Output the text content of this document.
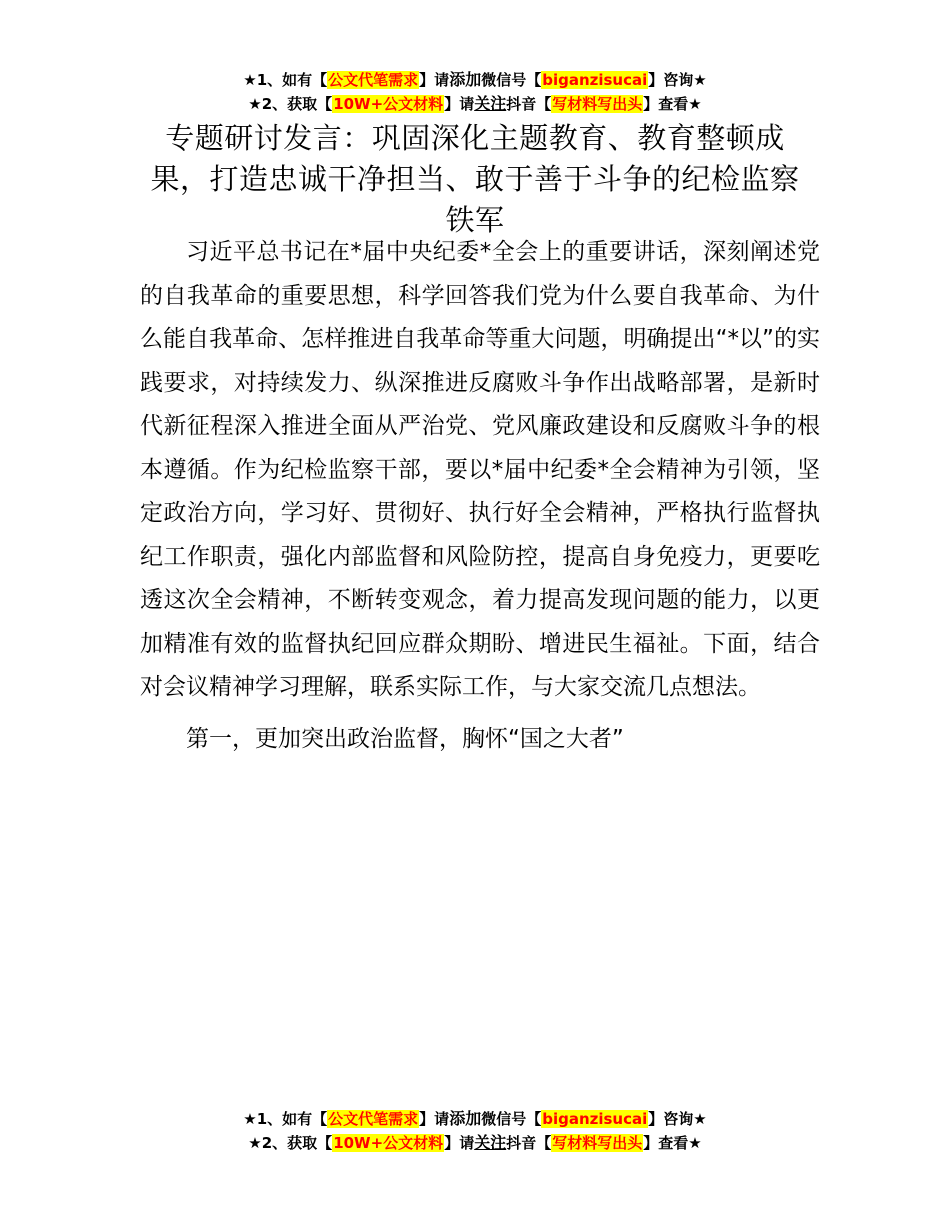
★1、如有【公文代笔需求】请添加微信号【biganzisucai】咨询★
★2、获取【10W+公文材料】请关注抖音【写材料写出头】查看★
专题研讨发言：巩固深化主题教育、教育整顿成果，打造忠诚干净担当、敢于善于斗争的纪检监察铁军

习近平总书记在*届中央纪委*全会上的重要讲话，深刻阐述党的自我革命的重要思想，科学回答我们党为什么要自我革命、为什么能自我革命、怎样推进自我革命等重大问题，明确提出“*以”的实践要求，对持续发力、纵深推进反腐败斗争作出战略部署，是新时代新征程深入推进全面从严治党、党风廉政建设和反腐败斗争的根本遵循。作为纪检监察干部，要以*届中纪委*全会精神为引领，坚定政治方向，学习好、贯彻好、执行好全会精神，严格执行监督执纪工作职责，强化内部监督和风险防控，提高自身免疫力，更要吃透这次全会精神，不断转变观念，着力提高发现问题的能力，以更加精准有效的监督执纪回应群众期盼、增进民生福祉。下面，结合对会议精神学习理解，联系实际工作，与大家交流几点想法。

第一，更加突出政治监督，胸怀“国之大者”

★1、如有【公文代笔需求】请添加微信号【biganzisucai】咨询★
★2、获取【10W+公文材料】请关注抖音【写材料写出头】查看★
